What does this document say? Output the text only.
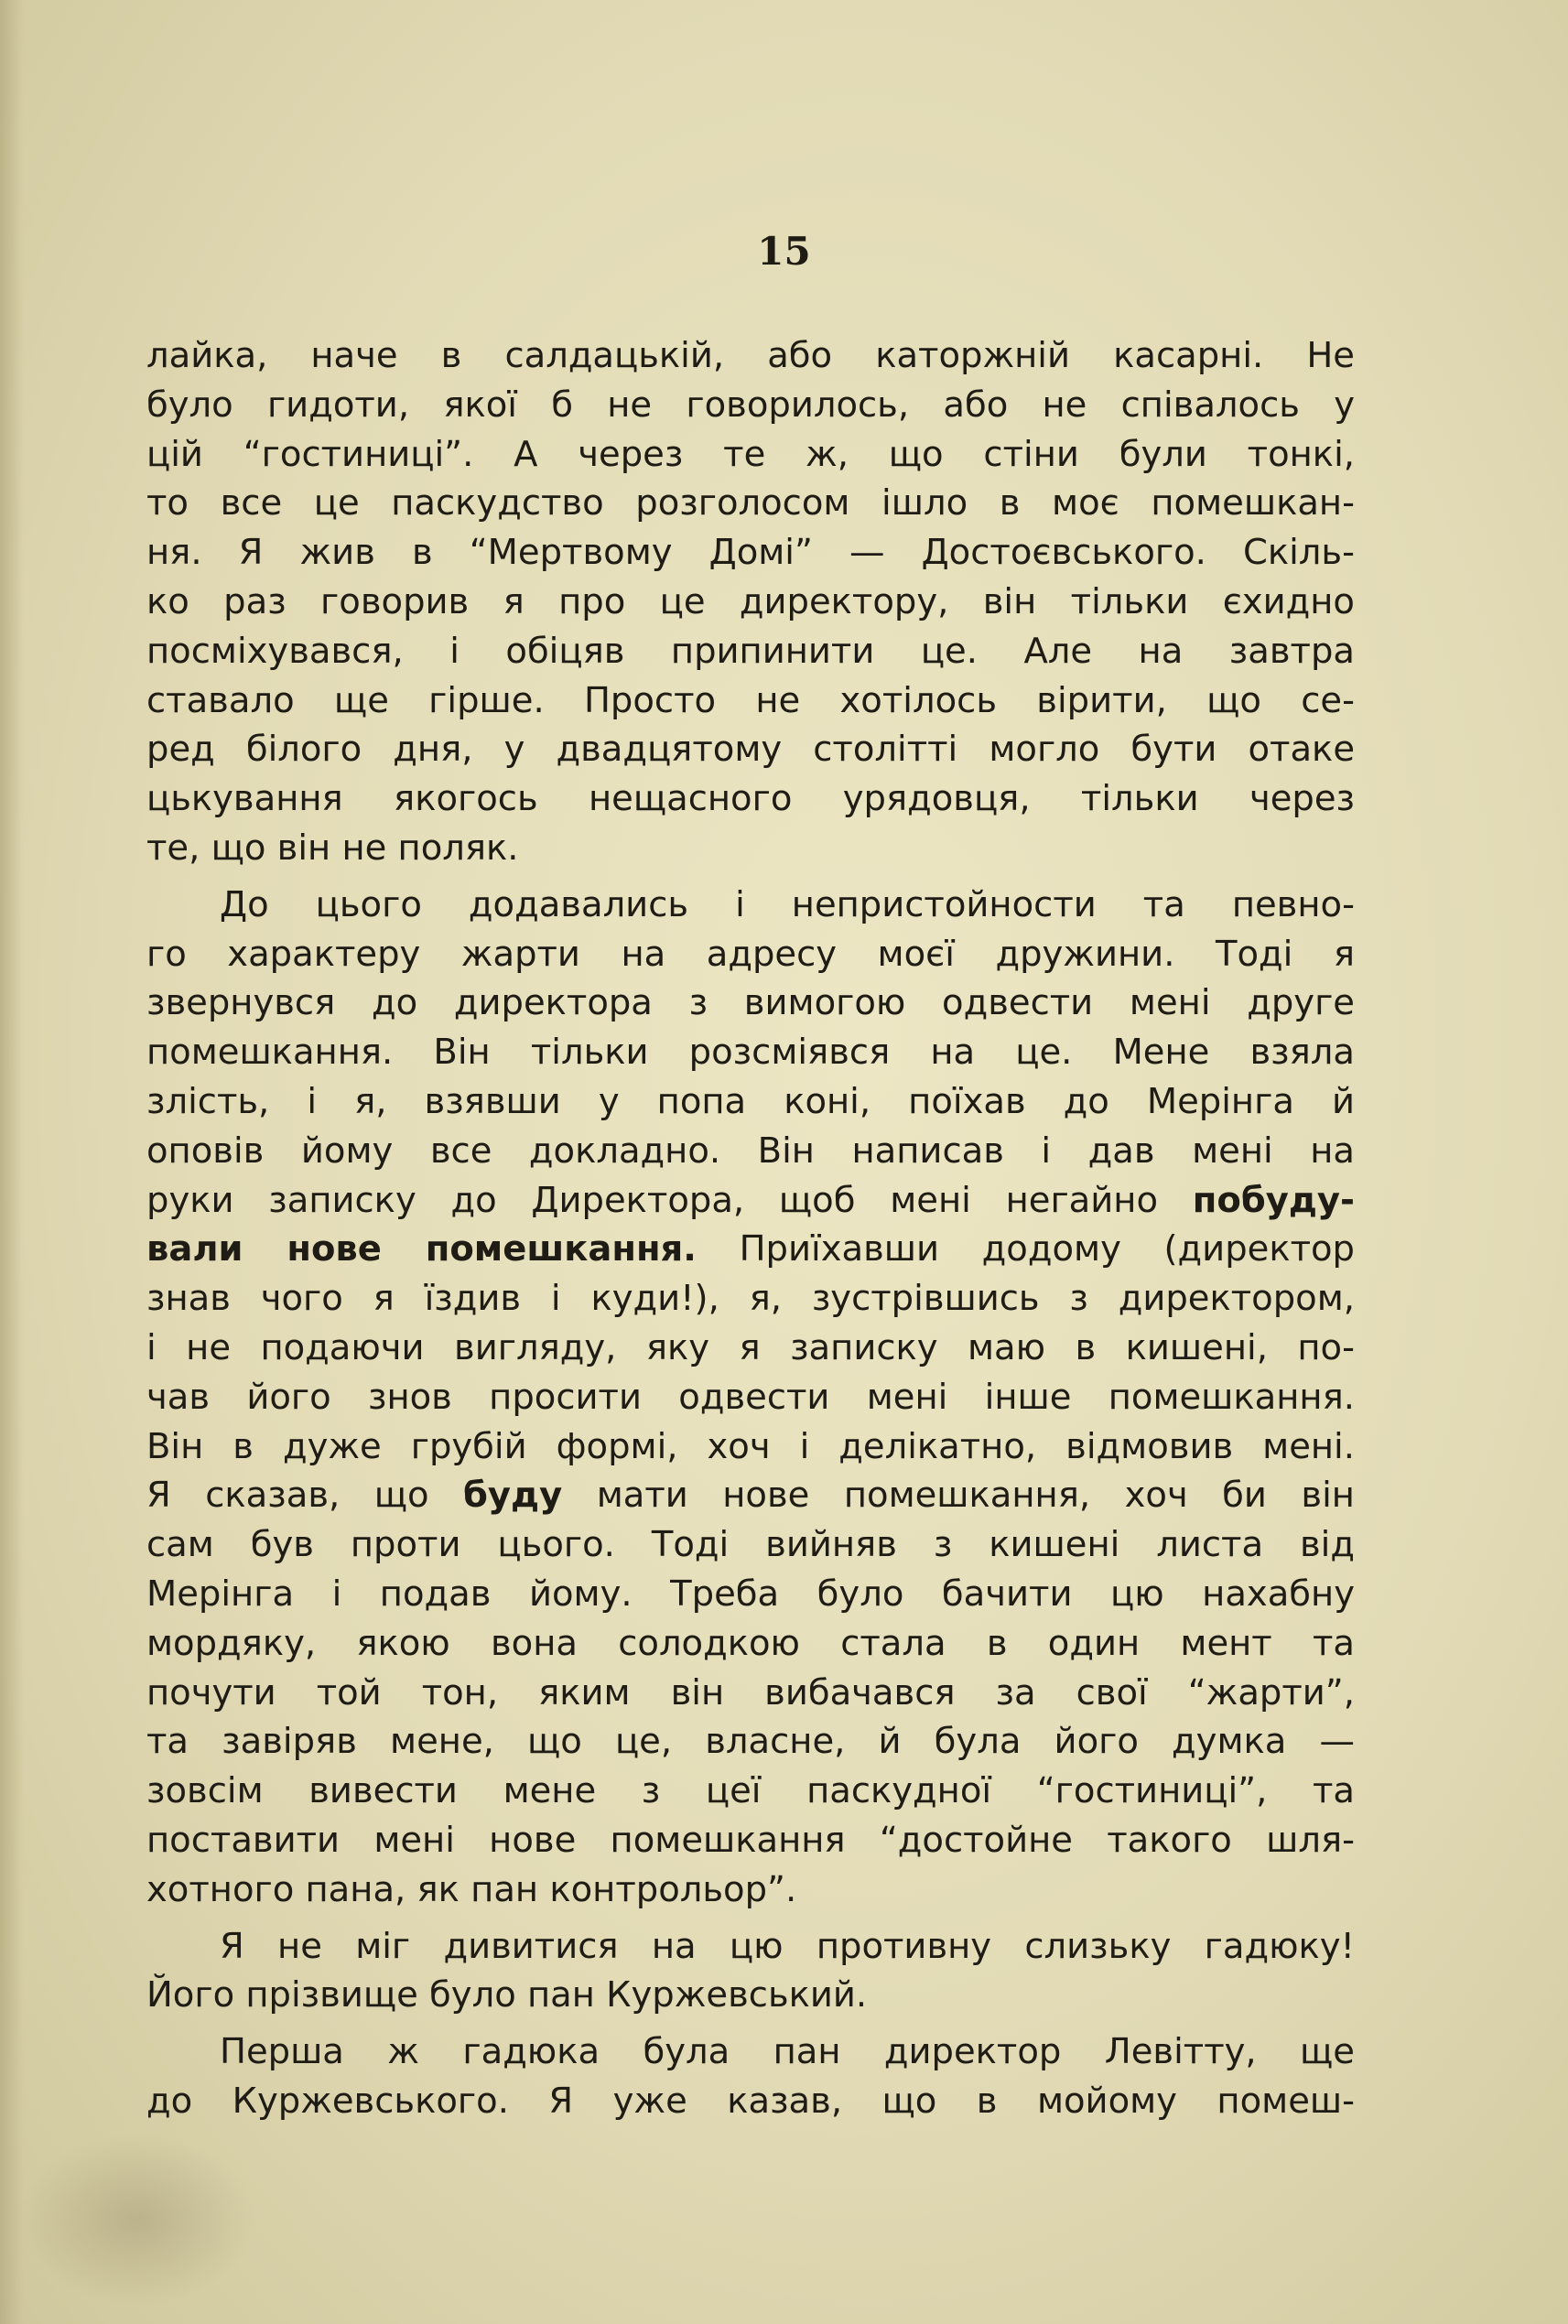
15
лайка, наче в салдацькій, або каторжній касарні. Не
було гидоти, якої б не говорилось, або не співалось у
цій “гостиниці”. А через те ж, що стіни були тонкі,
то все це паскудство розголосом ішло в моє помешкан-
ня. Я жив в “Мертвому Домі” — Достоєвського. Скіль-
ко раз говорив я про це директору, він тільки єхидно
посміхувався, і обіцяв припинити це. Але на завтра
ставало ще гірше. Просто не хотілось вірити, що се-
ред білого дня, у двадцятому столітті могло бути отаке
цькування якогось нещасного урядовця, тільки через
те, що він не поляк.
До цього додавались і непристойности та певно-
го характеру жарти на адресу моєї дружини. Тоді я
звернувся до директора з вимогою одвести мені друге
помешкання. Він тільки розсміявся на це. Мене взяла
злість, і я, взявши у попа коні, поїхав до Мерінга й
оповів йому все докладно. Він написав і дав мені на
руки записку до Директора, щоб мені негайно побуду-
вали нове помешкання. Приїхавши додому (директор
знав чого я їздив і куди!), я, зустрівшись з директором,
і не подаючи вигляду, яку я записку маю в кишені, по-
чав його знов просити одвести мені інше помешкання.
Він в дуже грубій формі, хоч і делікатно, відмовив мені.
Я сказав, що буду мати нове помешкання, хоч би він
сам був проти цього. Тоді вийняв з кишені листа від
Мерінга і подав йому. Треба було бачити цю нахабну
мордяку, якою вона солодкою стала в один мент та
почути той тон, яким він вибачався за свої “жарти”,
та завіряв мене, що це, власне, й була його думка —
зовсім вивести мене з цеї паскудної “гостиниці”, та
поставити мені нове помешкання “достойне такого шля-
хотного пана, як пан контрольор”.
Я не міг дивитися на цю противну слизьку гадюку!
Його прізвище було пан Куржевський.
Перша ж гадюка була пан директор Левітту, ще
до Куржевського. Я уже казав, що в мойому помеш-
